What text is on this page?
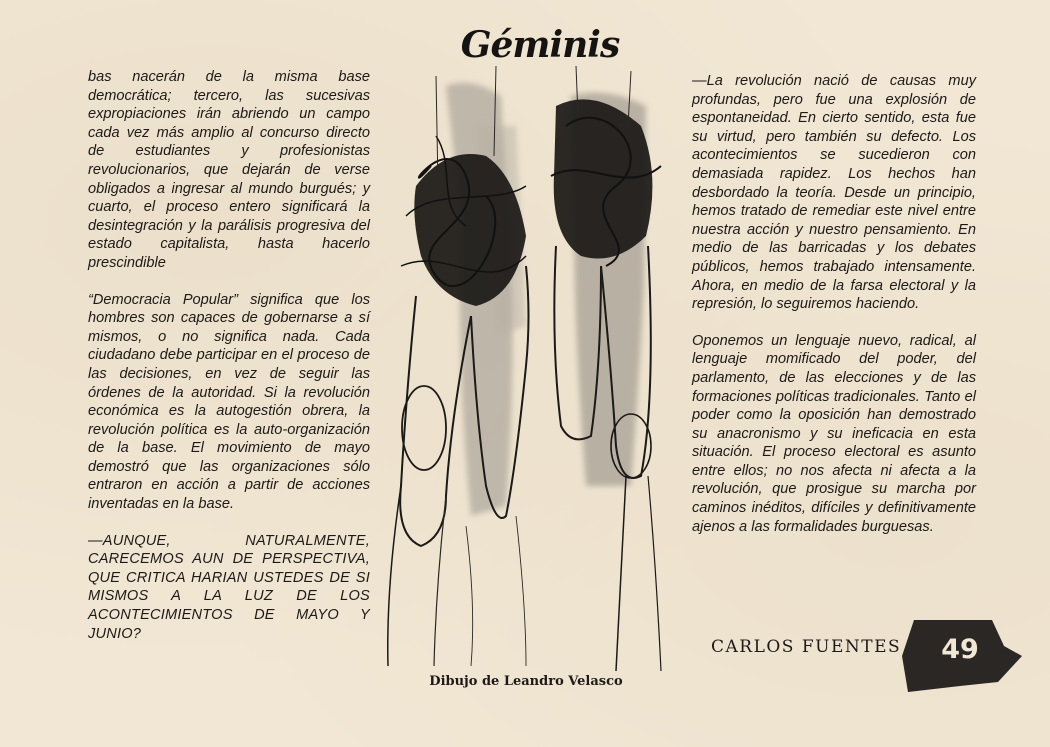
Géminis

bas nacerán de la misma base democrática; tercero, las sucesivas expropiaciones irán abriendo un campo cada vez más amplio al concurso directo de estudiantes y profesionistas revolucionarios, que dejarán de verse obligados a ingresar al mundo burgués; y cuarto, el proceso entero significará la desintegración y la parálisis progresiva del estado capitalista, hasta hacerlo prescindible

“Democracia Popular” significa que los hombres son capaces de gobernarse a sí mismos, o no significa nada. Cada ciudadano debe participar en el proceso de las decisiones, en vez de seguir las órdenes de la autoridad. Si la revolución económica es la autogestión obrera, la revolución política es la auto-organización de la base. El movimiento de mayo demostró que las organizaciones sólo entraron en acción a partir de acciones inventadas en la base.

—AUNQUE, NATURALMENTE, CARECEMOS AUN DE PERSPECTIVA, QUE CRITICA HARIAN USTEDES DE SI MISMOS A LA LUZ DE LOS ACONTECIMIENTOS DE MAYO Y JUNIO?

Dibujo de Leandro Velasco

—La revolución nació de causas muy profundas, pero fue una explosión de espontaneidad. En cierto sentido, esta fue su virtud, pero también su defecto. Los acontecimientos se sucedieron con demasiada rapidez. Los hechos han desbordado la teoría. Desde un principio, hemos tratado de remediar este nivel entre nuestra acción y nuestro pensamiento. En medio de las barricadas y los debates públicos, hemos trabajado intensamente. Ahora, en medio de la farsa electoral y la represión, lo seguiremos haciendo.

Oponemos un lenguaje nuevo, radical, al lenguaje momificado del poder, del parlamento, de las elecciones y de las formaciones políticas tradicionales. Tanto el poder como la oposición han demostrado su anacronismo y su ineficacia en esta situación. El proceso electoral es asunto entre ellos; no nos afecta ni afecta a la revolución, que prosigue su marcha por caminos inéditos, difíciles y definitivamente ajenos a las formalidades burguesas.

CARLOS FUENTES	49
